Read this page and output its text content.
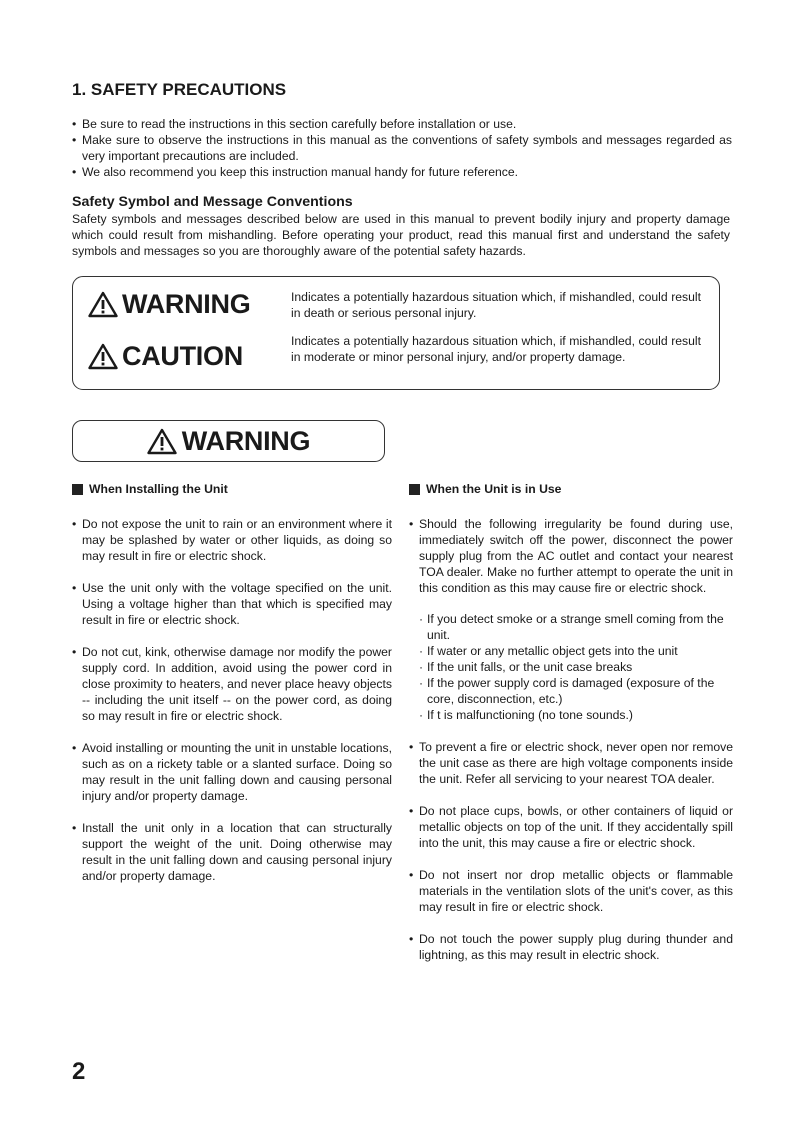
1. SAFETY PRECAUTIONS
• Be sure to read the instructions in this section carefully before installation or use.
• Make sure to observe the instructions in this manual as the conventions of safety symbols and messages regarded as very important precautions are included.
• We also recommend you keep this instruction manual handy for future reference.
Safety Symbol and Message Conventions

Safety symbols and messages described below are used in this manual to prevent bodily injury and property damage which could result from mishandling. Before operating your product, read this manual first and understand the safety symbols and messages so you are thoroughly aware of the potential safety hazards.

WARNING	Indicates a potentially hazardous situation which, if mishandled, could result in death or serious personal injury.
CAUTION	Indicates a potentially hazardous situation which, if mishandled, could result in moderate or minor personal injury, and/or property damage.
WARNING
When Installing the Unit
• Do not expose the unit to rain or an environment where it may be splashed by water or other liquids, as doing so may result in fire or electric shock.
• Use the unit only with the voltage specified on the unit. Using a voltage higher than that which is specified may result in fire or electric shock.
• Do not cut, kink, otherwise damage nor modify the power supply cord. In addition, avoid using the power cord in close proximity to heaters, and never place heavy objects -- including the unit itself -- on the power cord, as doing so may result in fire or electric shock.
• Avoid installing or mounting the unit in unstable locations, such as on a rickety table or a slanted surface. Doing so may result in the unit falling down and causing personal injury and/or property damage.
• Install the unit only in a location that can structurally support the weight of the unit. Doing otherwise may result in the unit falling down and causing personal injury and/or property damage.
When the Unit is in Use
• Should the following irregularity be found during use, immediately switch off the power, disconnect the power supply plug from the AC outlet and contact your nearest TOA dealer. Make no further attempt to operate the unit in this condition as this may cause fire or electric shock.
· If you detect smoke or a strange smell coming from the unit.
· If water or any metallic object gets into the unit
· If the unit falls, or the unit case breaks
· If the power supply cord is damaged (exposure of the core, disconnection, etc.)
· If t is malfunctioning (no tone sounds.)
• To prevent a fire or electric shock, never open nor remove the unit case as there are high voltage components inside the unit. Refer all servicing to your nearest TOA dealer.
• Do not place cups, bowls, or other containers of liquid or metallic objects on top of the unit. If they accidentally spill into the unit, this may cause a fire or electric shock.
• Do not insert nor drop metallic objects or flammable materials in the ventilation slots of the unit's cover, as this may result in fire or electric shock.
• Do not touch the power supply plug during thunder and lightning, as this may result in electric shock.
2
